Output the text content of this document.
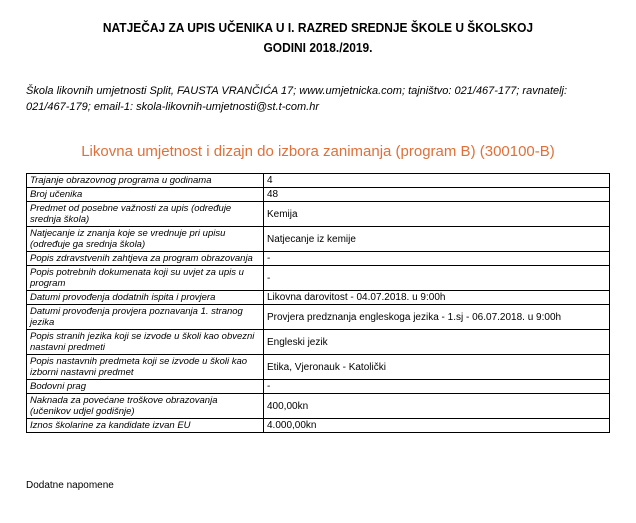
NATJEČAJ ZA UPIS UČENIKA U I. RAZRED SREDNJE ŠKOLE U ŠKOLSKOJ
GODINI 2018./2019.
Škola likovnih umjetnosti Split, FAUSTA VRANČIĆA 17; www.umjetnicka.com; tajništvo: 021/467-177; ravnatelj: 021/467-179; email-1: skola-likovnih-umjetnosti@st.t-com.hr
Likovna umjetnost i dizajn do izbora zanimanja (program B) (300100-B)
Trajanje obrazovnog programa u godinama	4
Broj učenika	48
Predmet od posebne važnosti za upis (određuje srednja škola)	Kemija
Natjecanje iz znanja koje se vrednuje pri upisu (određuje ga srednja škola)	Natjecanje iz kemije
Popis zdravstvenih zahtjeva za program obrazovanja	-
Popis potrebnih dokumenata koji su uvjet za upis u program	-
Datumi provođenja dodatnih ispita i provjera	Likovna darovitost - 04.07.2018. u 9:00h
Datumi provođenja provjera poznavanja 1. stranog jezika	Provjera predznanja engleskoga jezika - 1.sj - 06.07.2018. u 9:00h
Popis stranih jezika koji se izvode u školi kao obvezni nastavni predmeti	Engleski jezik
Popis nastavnih predmeta koji se izvode u školi kao izborni nastavni predmet	Etika, Vjeronauk - Katolički
Bodovni prag	-
Naknada za povećane troškove obrazovanja (učenikov udjel godišnje)	400,00kn
Iznos školarine za kandidate izvan EU	4.000,00kn
Dodatne napomene
